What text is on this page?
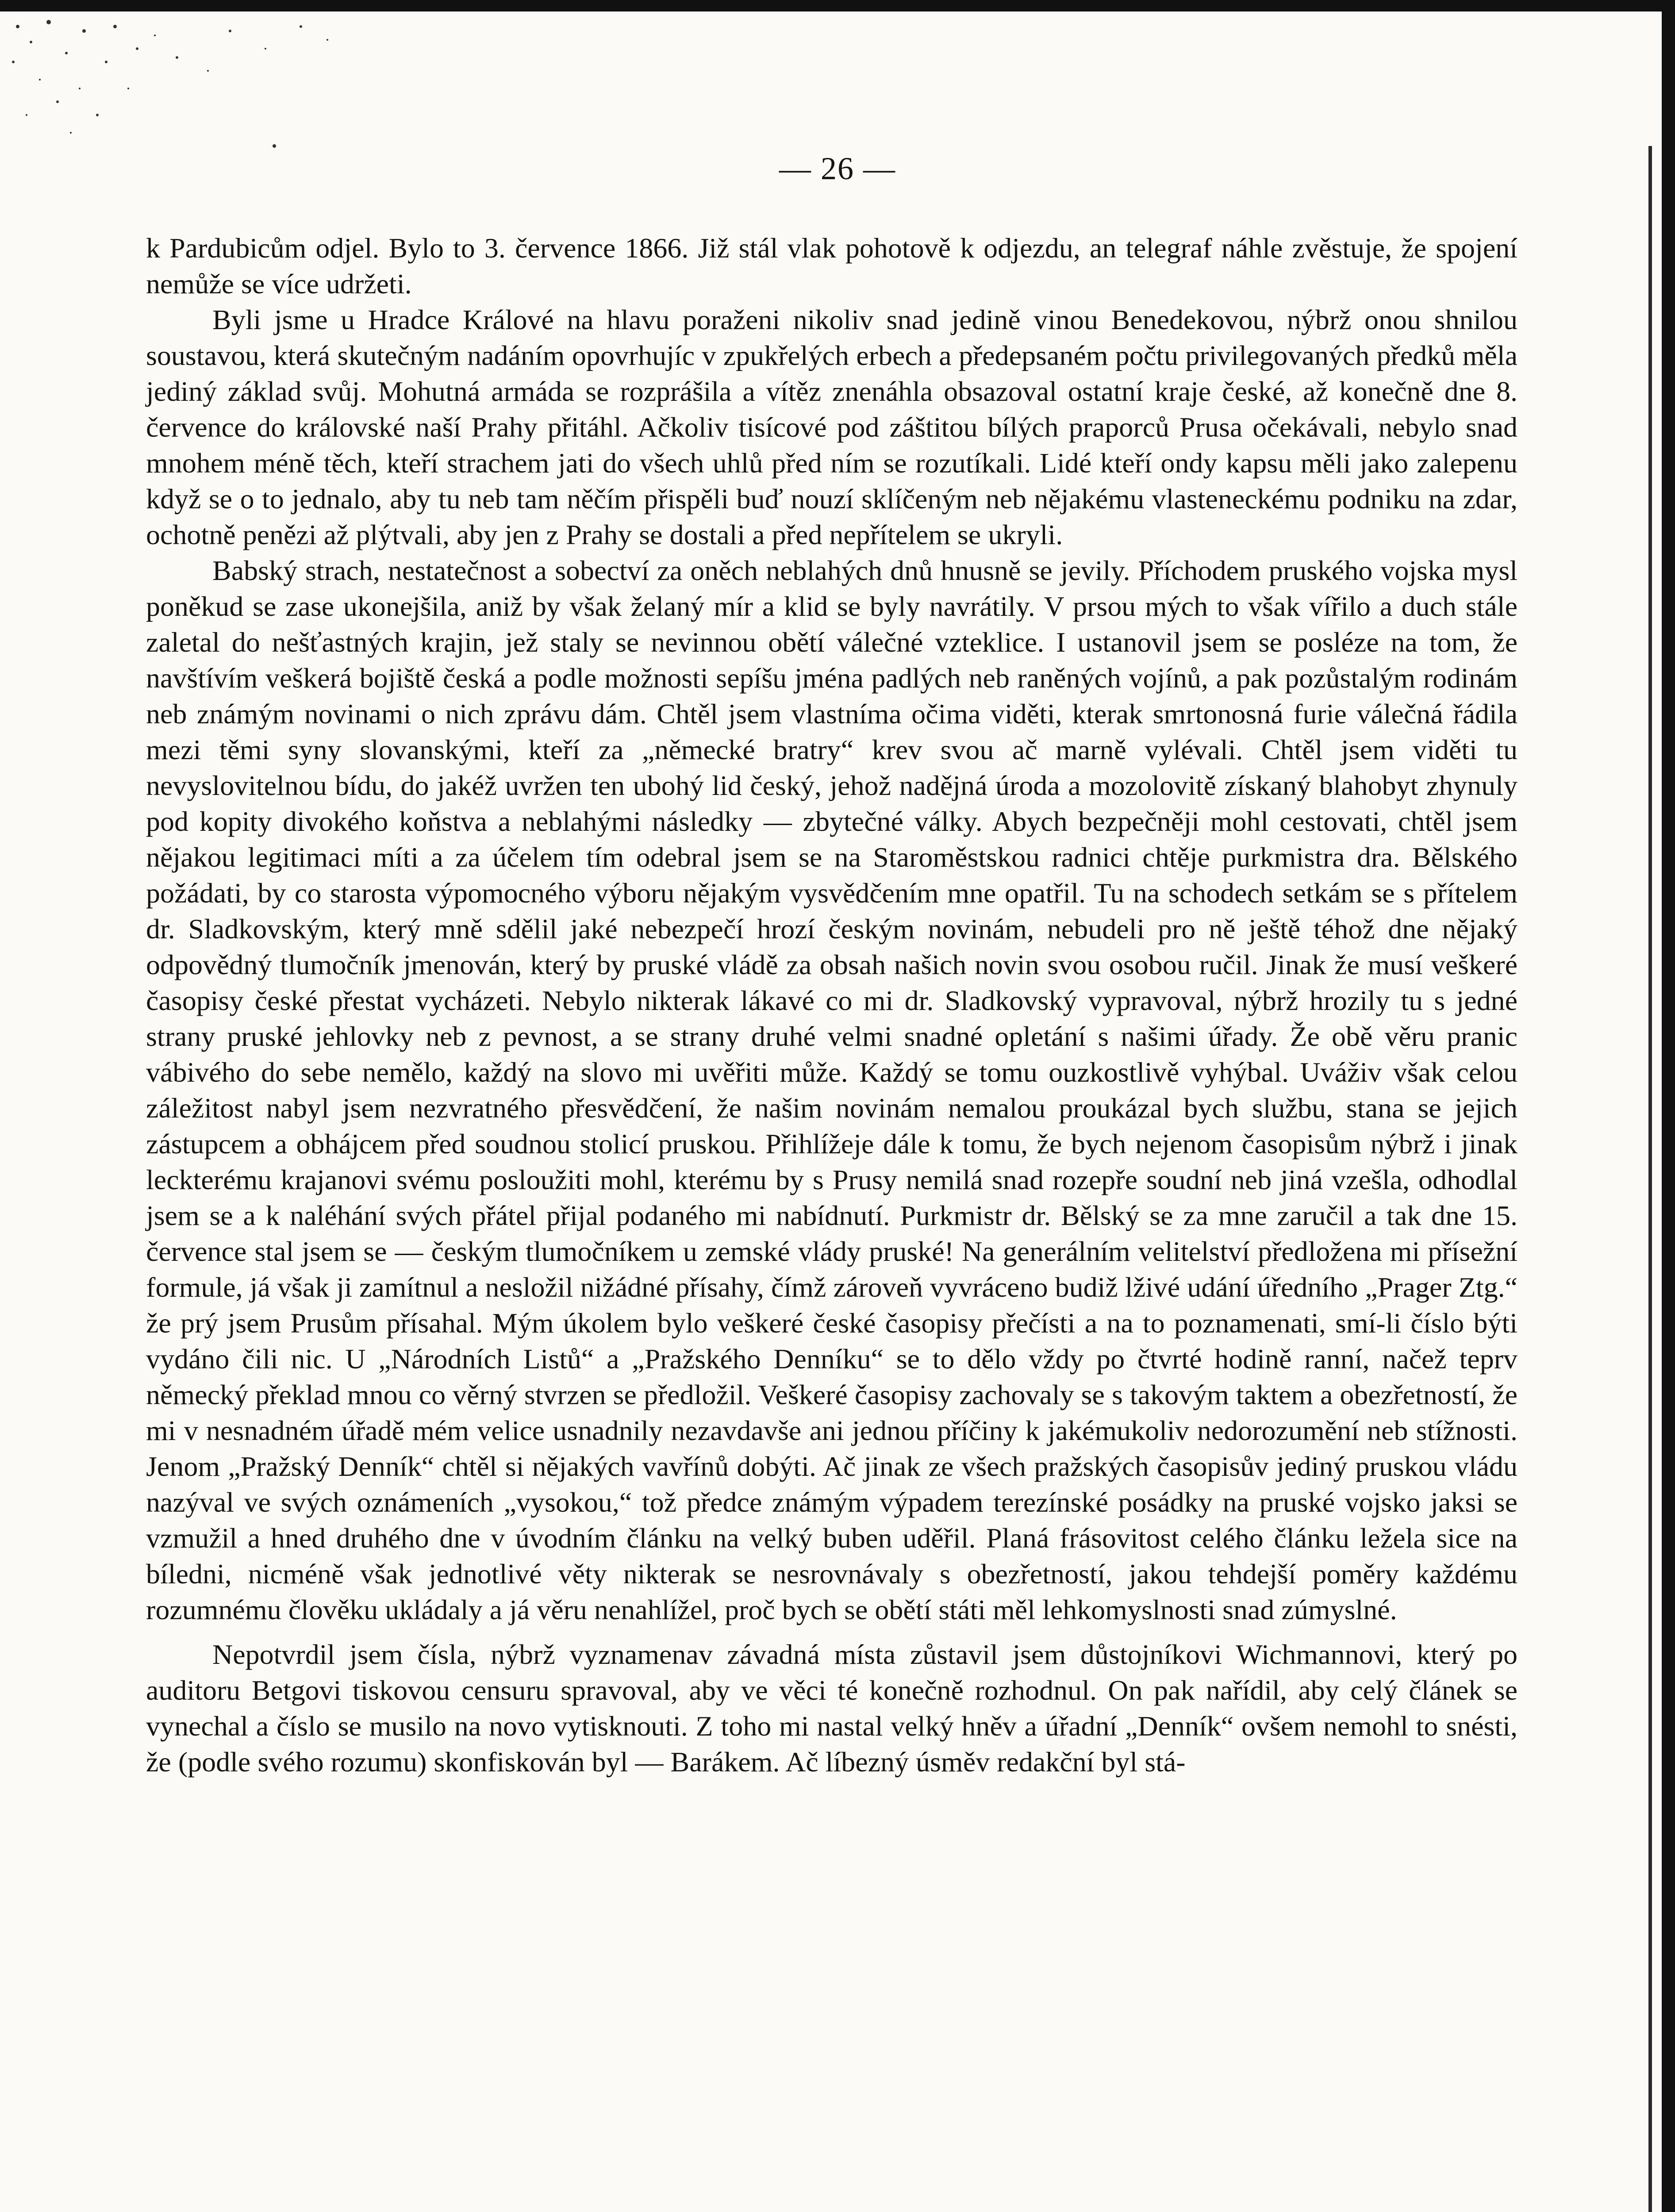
— 26 —

k Pardubicům odjel. Bylo to 3. července 1866. Již stál vlak pohotově k odjezdu, an telegraf náhle zvěstuje, že spojení nemůže se více udržeti.

Byli jsme u Hradce Králové na hlavu poraženi nikoliv snad jedině vinou Benedekovou, nýbrž onou shnilou soustavou, která skutečným nadáním opovrhujíc v zpukřelých erbech a předepsaném počtu privilegovaných předků měla jediný základ svůj. Mohutná armáda se rozprášila a vítěz znenáhla obsazoval ostatní kraje české, až konečně dne 8. července do královské naší Prahy přitáhl. Ačkoliv tisícové pod záštitou bílých praporců Prusa očekávali, nebylo snad mnohem méně těch, kteří strachem jati do všech uhlů před ním se rozutíkali. Lidé kteří ondy kapsu měli jako zalepenu když se o to jednalo, aby tu neb tam něčím přispěli buď nouzí sklíčeným neb nějakému vlasteneckému podniku na zdar, ochotně penězi až plýtvali, aby jen z Prahy se dostali a před nepřítelem se ukryli.

Babský strach, nestatečnost a sobectví za oněch neblahých dnů hnusně se jevily. Příchodem pruského vojska mysl poněkud se zase ukonejšila, aniž by však želaný mír a klid se byly navrátily. V prsou mých to však vířilo a duch stále zaletal do nešťastných krajin, jež staly se nevinnou obětí válečné vzteklice. I ustanovil jsem se posléze na tom, že navštívím veškerá bojiště česká a podle možnosti sepíšu jména padlých neb raněných vojínů, a pak pozůstalým rodinám neb známým novinami o nich zprávu dám. Chtěl jsem vlastníma očima viděti, kterak smrtonosná furie válečná řádila mezi těmi syny slovanskými, kteří za „německé bratry“ krev svou ač marně vylévali. Chtěl jsem viděti tu nevyslovitelnou bídu, do jakéž uvržen ten ubohý lid český, jehož nadějná úroda a mozolovitě získaný blahobyt zhynuly pod kopity divokého koňstva a neblahými následky — zbytečné války. Abych bezpečněji mohl cestovati, chtěl jsem nějakou legitimaci míti a za účelem tím odebral jsem se na Staroměstskou radnici chtěje purkmistra dra. Bělského požádati, by co starosta výpomocného výboru nějakým vysvědčením mne opatřil. Tu na schodech setkám se s přítelem dr. Sladkovským, který mně sdělil jaké nebezpečí hrozí českým novinám, nebudeli pro ně ještě téhož dne nějaký odpovědný tlumočník jmenován, který by pruské vládě za obsah našich novin svou osobou ručil. Jinak že musí veškeré časopisy české přestat vycházeti. Nebylo nikterak lákavé co mi dr. Sladkovský vypravoval, nýbrž hrozily tu s jedné strany pruské jehlovky neb z pevnost, a se strany druhé velmi snadné opletání s našimi úřady. Že obě věru pranic vábivého do sebe nemělo, každý na slovo mi uvěřiti může. Každý se tomu ouzkostlivě vyhýbal. Uváživ však celou záležitost nabyl jsem nezvratného přesvědčení, že našim novinám nemalou proukázal bych službu, stana se jejich zástupcem a obhájcem před soudnou stolicí pruskou. Přihlížeje dále k tomu, že bych nejenom časopisům nýbrž i jinak leckterému krajanovi svému posloužiti mohl, kterému by s Prusy nemilá snad rozepře soudní neb jiná vzešla, odhodlal jsem se a k naléhání svých přátel přijal podaného mi nabídnutí. Purkmistr dr. Bělský se za mne zaručil a tak dne 15. července stal jsem se — českým tlumočníkem u zemské vlády pruské! Na generálním velitelství předložena mi přísežní formule, já však ji zamítnul a nesložil nižádné přísahy, čímž zároveň vyvráceno budiž lživé udání úředního „Prager Ztg.“ že prý jsem Prusům přísahal. Mým úkolem bylo veškeré české časopisy přečísti a na to poznamenati, smí-li číslo býti vydáno čili nic. U „Národních Listů“ a „Pražského Denníku“ se to dělo vždy po čtvrté hodině ranní, načež teprv německý překlad mnou co věrný stvrzen se předložil. Veškeré časopisy zachovaly se s takovým taktem a obezřetností, že mi v nesnadném úřadě mém velice usnadnily nezavdavše ani jednou příčiny k jakémukoliv nedorozumění neb stížnosti. Jenom „Pražský Denník“ chtěl si nějakých vavřínů dobýti. Ač jinak ze všech pražských časopisův jediný pruskou vládu nazýval ve svých oznámeních „vysokou,“ tož předce známým výpadem terezínské posádky na pruské vojsko jaksi se vzmužil a hned druhého dne v úvodním článku na velký buben uděřil. Planá frásovitost celého článku ležela sice na bíledni, nicméně však jednotlivé věty nikterak se nesrovnávaly s obezřetností, jakou tehdejší poměry každému rozumnému člověku ukládaly a já věru nenahlížel, proč bych se obětí státi měl lehkomyslnosti snad zúmyslné.

Nepotvrdil jsem čísla, nýbrž vyznamenav závadná místa zůstavil jsem důstojníkovi Wichmannovi, který po auditoru Betgovi tiskovou censuru spravoval, aby ve věci té konečně rozhodnul. On pak nařídil, aby celý článek se vynechal a číslo se musilo na novo vytisknouti. Z toho mi nastal velký hněv a úřadní „Denník“ ovšem nemohl to snésti, že (podle svého rozumu) skonfiskován byl — Barákem. Ač líbezný úsměv redakční byl stá-
